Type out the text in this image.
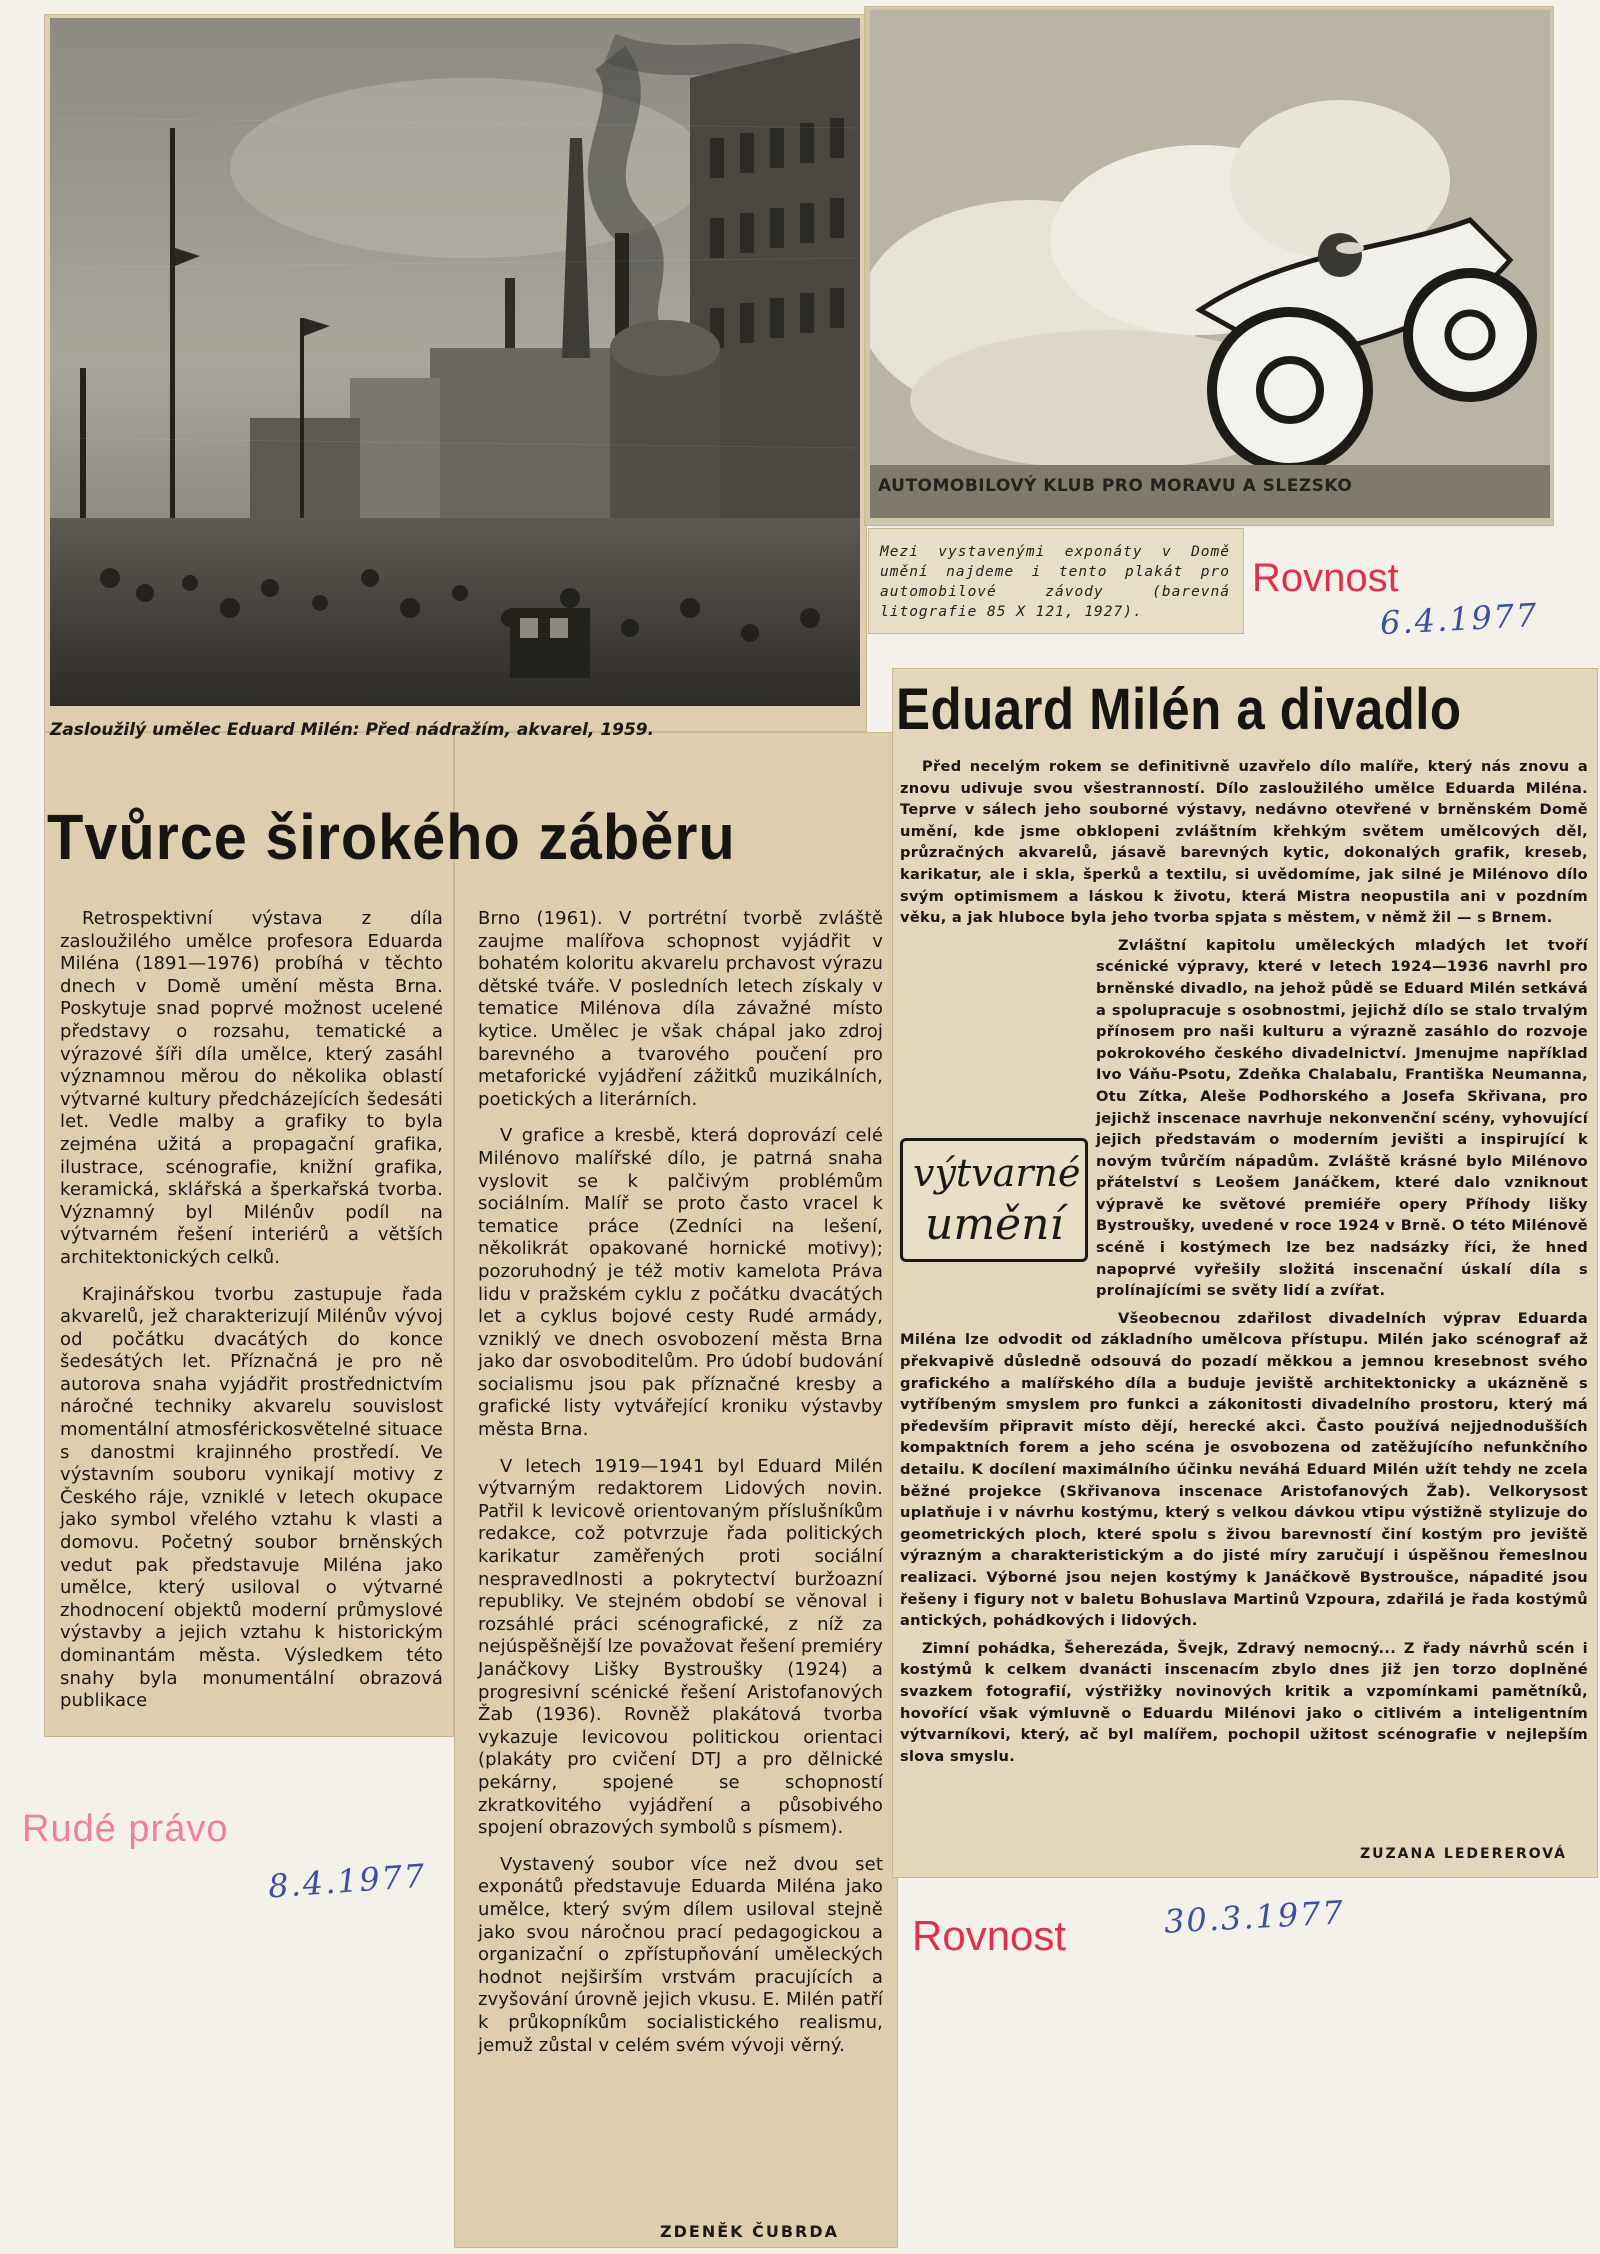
Zasloužilý umělec Eduard Milén: Před nádražím, akvarel, 1959.
Tvůrce širokého záběru

Retrospektivní výstava z díla zasloužilého umělce profesora Eduarda Miléna (1891—1976) probíhá v těchto dnech v Domě umění města Brna. Poskytuje snad poprvé možnost ucelené představy o rozsahu, tematické a výrazové šíři díla umělce, který zasáhl významnou měrou do několika oblastí výtvarné kultury předcházejících šedesáti let. Vedle malby a grafiky to byla zejména užitá a propagační grafika, ilustrace, scénografie, knižní grafika, keramická, sklářská a šperkařská tvorba. Významný byl Milénův podíl na výtvarném řešení interiérů a větších architektonických celků.

Krajinářskou tvorbu zastupuje řada akvarelů, jež charakterizují Milénův vývoj od počátku dvacátých do konce šedesátých let. Příznačná je pro ně autorova snaha vyjádřit prostřednictvím náročné techniky akvarelu souvislost momentální atmosférickosvětelné situace s danostmi krajinného prostředí. Ve výstavním souboru vynikají motivy z Českého ráje, vzniklé v letech okupace jako symbol vřelého vztahu k vlasti a domovu. Početný soubor brněnských vedut pak představuje Miléna jako umělce, který usiloval o výtvarné zhodnocení objektů moderní průmyslové výstavby a jejich vztahu k historickým dominantám města. Výsledkem této snahy byla monumentální obrazová publikace

Brno (1961). V portrétní tvorbě zvláště zaujme malířova schopnost vyjádřit v bohatém koloritu akvarelu prchavost výrazu dětské tváře. V posledních letech získaly v tematice Milénova díla závažné místo kytice. Umělec je však chápal jako zdroj barevného a tvarového poučení pro metaforické vyjádření zážitků muzikálních, poetických a literárních.

V grafice a kresbě, která doprovází celé Milénovo malířské dílo, je patrná snaha vyslovit se k palčivým problémům sociálním. Malíř se proto často vracel k tematice práce (Zedníci na lešení, několikrát opakované hornické motivy); pozoruhodný je též motiv kamelota Práva lidu v pražském cyklu z počátku dvacátých let a cyklus bojové cesty Rudé armády, vzniklý ve dnech osvobození města Brna jako dar osvoboditelům. Pro údobí budování socialismu jsou pak příznačné kresby a grafické listy vytvářející kroniku výstavby města Brna.

V letech 1919—1941 byl Eduard Milén výtvarným redaktorem Lidových novin. Patřil k levicově orientovaným příslušníkům redakce, což potvrzuje řada politických karikatur zaměřených proti sociální nespravedlnosti a pokrytectví buržoazní republiky. Ve stejném období se věnoval i rozsáhlé práci scénografické, z níž za nejúspěšnější lze považovat řešení premiéry Janáčkovy Lišky Bystroušky (1924) a progresivní scénické řešení Aristofanových Žab (1936). Rovněž plakátová tvorba vykazuje levicovou politickou orientaci (plakáty pro cvičení DTJ a pro dělnické pekárny, spojené se schopností zkratkovitého vyjádření a působivého spojení obrazových symbolů s písmem).

Vystavený soubor více než dvou set exponátů představuje Eduarda Miléna jako umělce, který svým dílem usiloval stejně jako svou náročnou prací pedagogickou a organizační o zpřístupňování uměleckých hodnot nejširším vrstvám pracujících a zvyšování úrovně jejich vkusu. E. Milén patří k průkopníkům socialistického realismu, jemuž zůstal v celém svém vývoji věrný.

ZDENĚK ČUBRDA
Rudé právo
8.4.1977
AUTOMOBILOVÝ KLUB PRO MORAVU A SLEZSKO
Mezi vystavenými exponáty v Domě umění najdeme i tento plakát pro automobilové závody (barevná litografie 85 X 121, 1927).
Rovnost
6.4.1977
Eduard Milén a divadlo
výtvarné
umění

Před necelým rokem se definitivně uzavřelo dílo malíře, který nás znovu a znovu udivuje svou všestranností. Dílo zasloužilého umělce Eduarda Miléna. Teprve v sálech jeho souborné výstavy, nedávno otevřené v brněnském Domě umění, kde jsme obklopeni zvláštním křehkým světem umělcových děl, průzračných akvarelů, jásavě barevných kytic, dokonalých grafik, kreseb, karikatur, ale i skla, šperků a textilu, si uvědomíme, jak silné je Milénovo dílo svým optimismem a láskou k životu, která Mistra neopustila ani v pozdním věku, a jak hluboce byla jeho tvorba spjata s městem, v němž žil — s Brnem.

Zvláštní kapitolu uměleckých mladých let tvoří scénické výpravy, které v letech 1924—1936 navrhl pro brněnské divadlo, na jehož půdě se Eduard Milén setkává a spolupracuje s osobnostmi, jejichž dílo se stalo trvalým přínosem pro naši kulturu a výrazně zasáhlo do rozvoje pokrokového českého divadelnictví. Jmenujme například Ivo Váňu-Psotu, Zdeňka Chalabalu, Františka Neumanna, Otu Zítka, Aleše Podhorského a Josefa Skřivana, pro jejichž inscenace navrhuje nekonvenční scény, vyhovující jejich představám o moderním jevišti a inspirující k novým tvůrčím nápadům. Zvláště krásné bylo Milénovo přátelství s Leošem Janáčkem, které dalo vzniknout výpravě ke světové premiéře opery Příhody lišky Bystroušky, uvedené v roce 1924 v Brně. O této Milénově scéně i kostýmech lze bez nadsázky říci, že hned napoprvé vyřešily složitá inscenační úskalí díla s prolínajícími se světy lidí a zvířat.

Všeobecnou zdařilost divadelních výprav Eduarda Miléna lze odvodit od základního umělcova přístupu. Milén jako scénograf až překvapivě důsledně odsouvá do pozadí měkkou a jemnou kresebnost svého grafického a malířského díla a buduje jeviště architektonicky a ukázněně s vytříbeným smyslem pro funkci a zákonitosti divadelního prostoru, který má především připravit místo dějí, herecké akci. Často používá nejjednodušších kompaktních forem a jeho scéna je osvobozena od zatěžujícího nefunkčního detailu. K docílení maximálního účinku neváhá Eduard Milén užít tehdy ne zcela běžné projekce (Skřivanova inscenace Aristofanových Žab). Velkorysost uplatňuje i v návrhu kostýmu, který s velkou dávkou vtipu výstižně stylizuje do geometrických ploch, které spolu s živou barevností činí kostým pro jeviště výrazným a charakteristickým a do jisté míry zaručují i úspěšnou řemeslnou realizaci. Výborné jsou nejen kostýmy k Janáčkově Bystroušce, nápadité jsou řešeny i figury not v baletu Bohuslava Martinů Vzpoura, zdařilá je řada kostýmů antických, pohádkových i lidových.

Zimní pohádka, Šeherezáda, Švejk, Zdravý nemocný... Z řady návrhů scén i kostýmů k celkem dvanácti inscenacím zbylo dnes již jen torzo doplněné svazkem fotografií, výstřižky novinových kritik a vzpomínkami pamětníků, hovořící však výmluvně o Eduardu Milénovi jako o citlivém a inteligentním výtvarníkovi, který, ač byl malířem, pochopil užitost scénografie v nejlepším slova smyslu.

ZUZANA LEDEREROVÁ
Rovnost	30.3.1977
